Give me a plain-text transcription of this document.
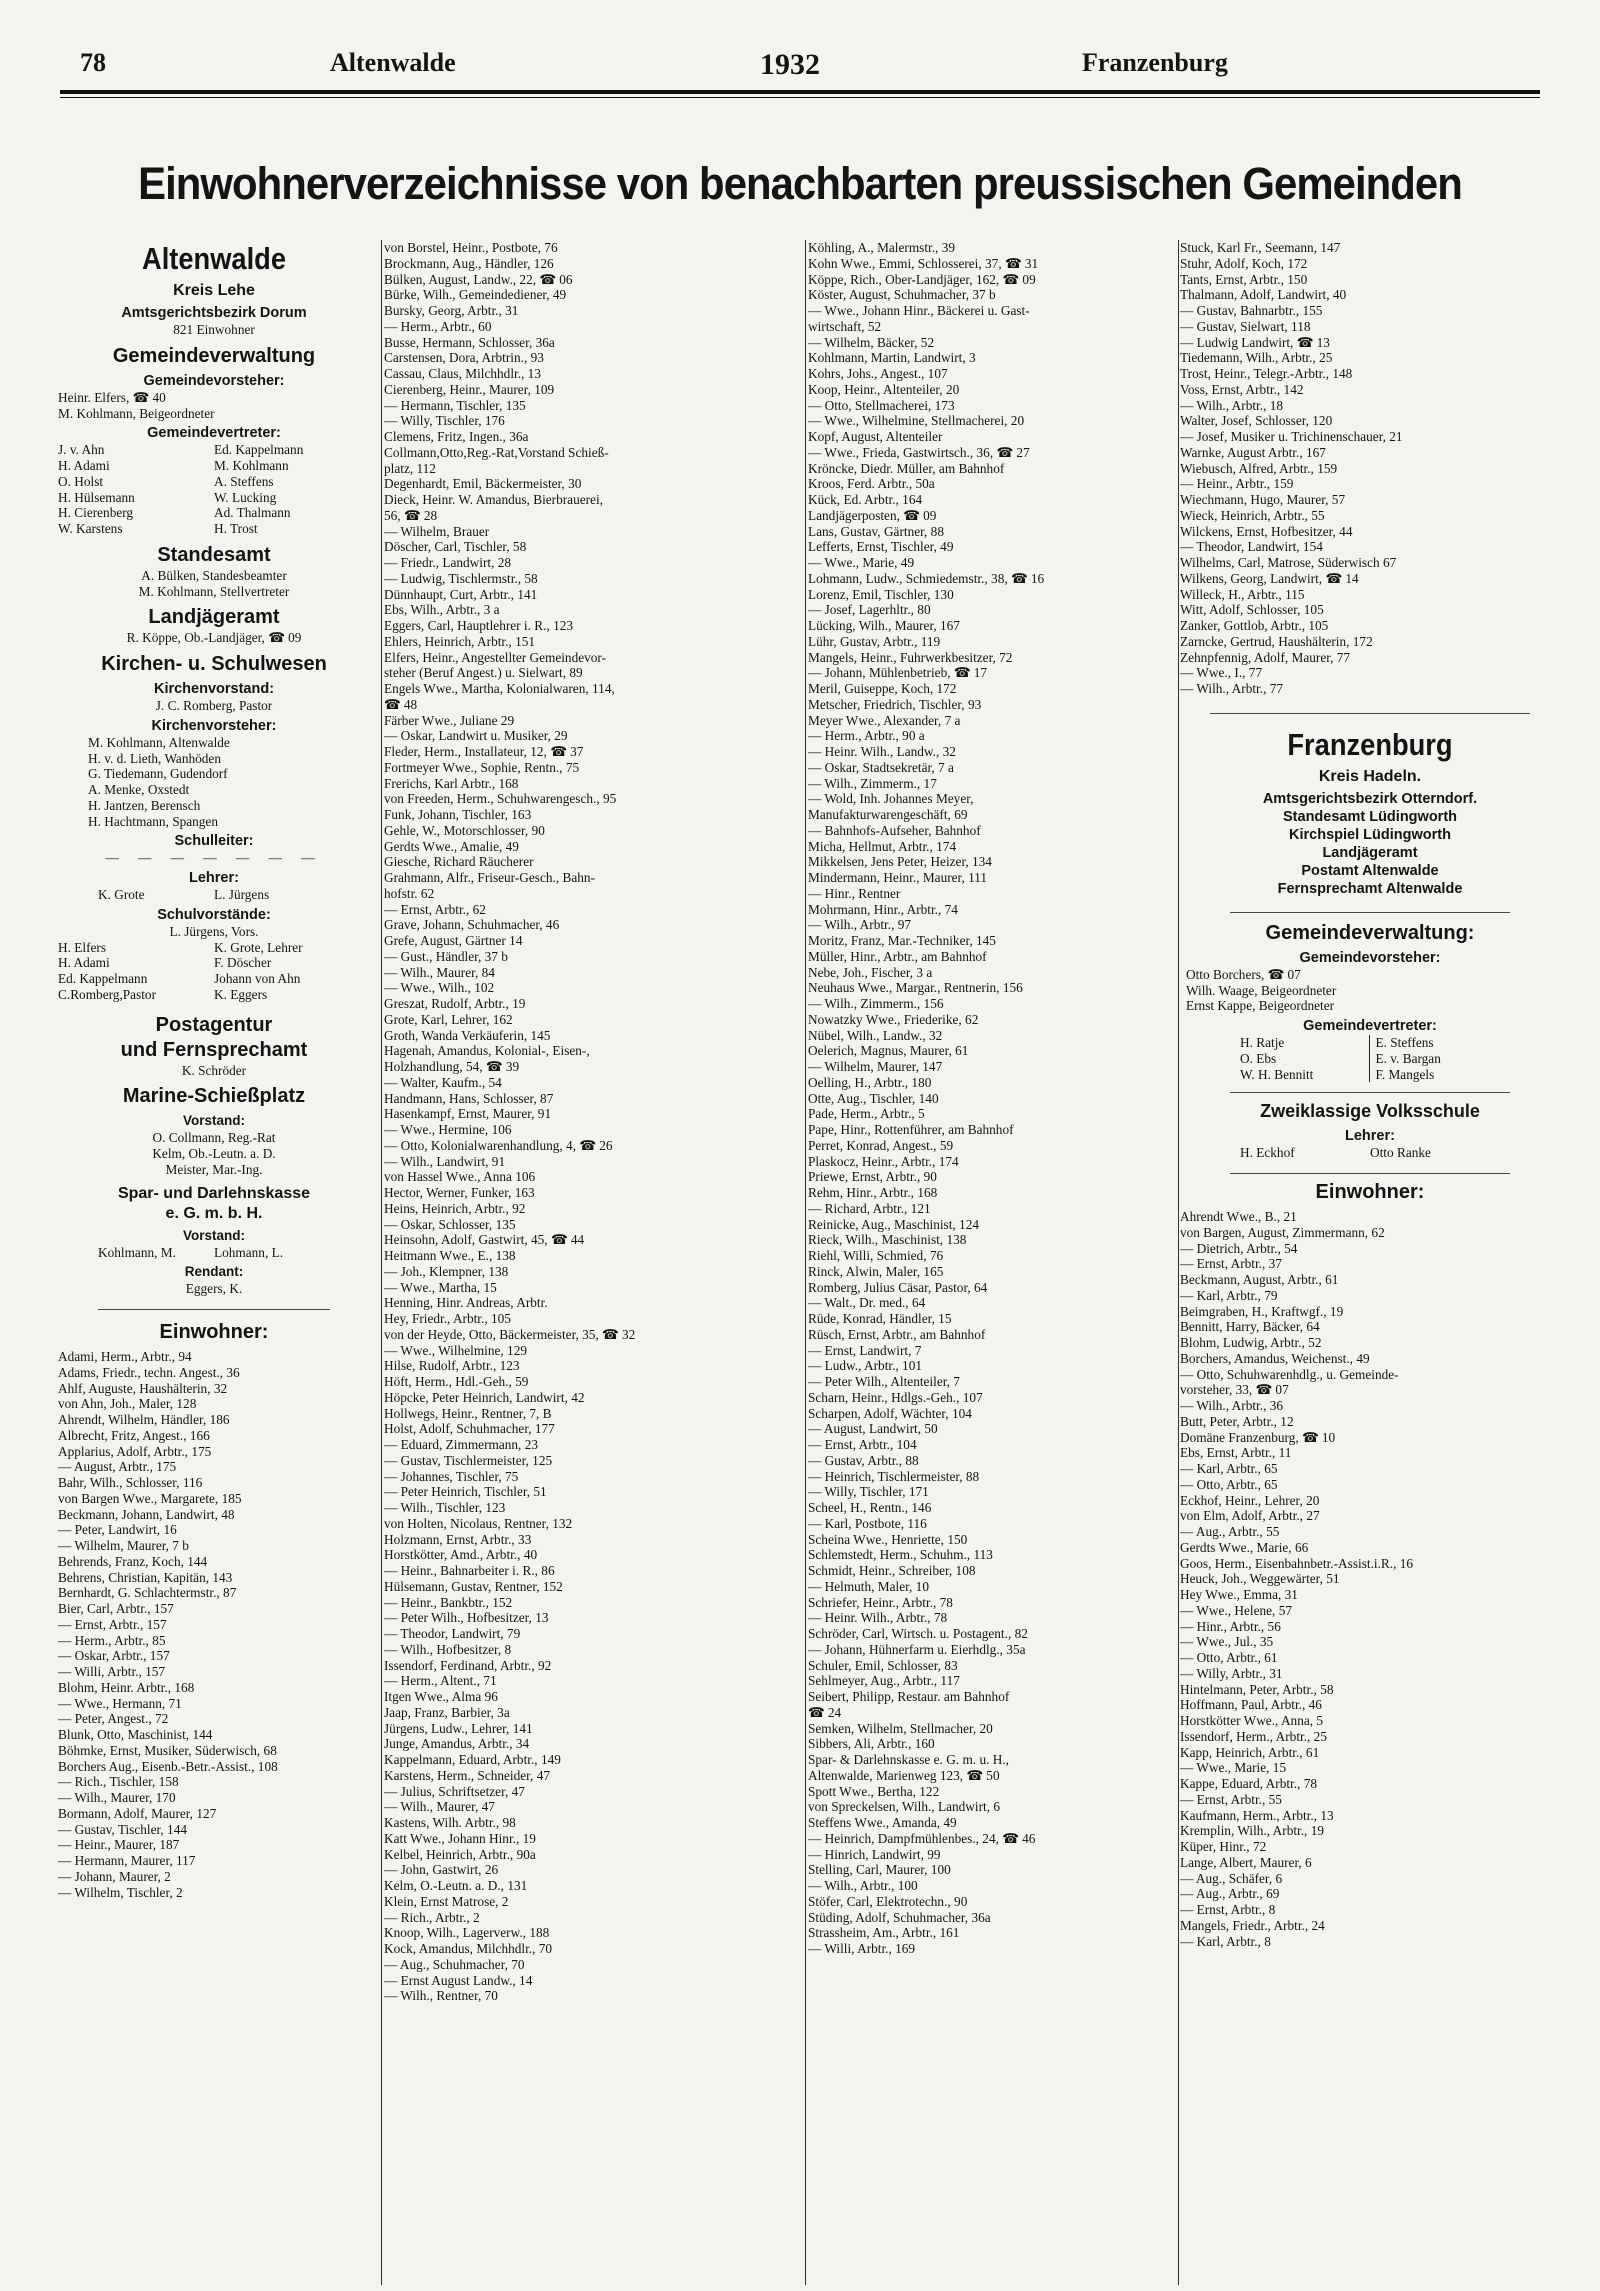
78	Altenwalde	1932	Franzenburg
Einwohnerverzeichnisse von benachbarten preussischen Gemeinden
Altenwalde
Kreis Lehe
Amtsgerichtsbezirk Dorum
821 Einwohner
Gemeindeverwaltung
Gemeindevorsteher:
Heinr. Elfers, ☎ 40
M. Kohlmann, Beigeordneter
Gemeindevertreter:
J. v. Ahn	Ed. Kappelmann
H. Adami	M. Kohlmann
O. Holst	A. Steffens
H. Hülsemann	W. Lucking
H. Cierenberg	Ad. Thalmann
W. Karstens	H. Trost
Standesamt
A. Bülken, Standesbeamter
M. Kohlmann, Stellvertreter
Landjägeramt
R. Köppe, Ob.-Landjäger, ☎ 09
Kirchen- u. Schulwesen
Kirchenvorstand:
J. C. Romberg, Pastor
Kirchenvorsteher:
M. Kohlmann, Altenwalde
H. v. d. Lieth, Wanhöden
G. Tiedemann, Gudendorf
A. Menke, Oxstedt
H. Jantzen, Berensch
H. Hachtmann, Spangen
Schulleiter:
— — — — — — —
Lehrer:
K. Grote	L. Jürgens
Schulvorstände:
L. Jürgens, Vors.
H. Elfers	K. Grote, Lehrer
H. Adami	F. Döscher
Ed. Kappelmann	Johann von Ahn
C.Romberg,Pastor	K. Eggers
Postagentur
und Fernsprechamt
K. Schröder
Marine-Schießplatz
Vorstand:
O. Collmann, Reg.-Rat
Kelm, Ob.-Leutn. a. D.
Meister, Mar.-Ing.
Spar- und Darlehnskasse
e. G. m. b. H.
Vorstand:
Kohlmann, M.	Lohmann, L.
Rendant:
Eggers, K.
Einwohner:
Adami, Herm., Arbtr., 94
Adams, Friedr., techn. Angest., 36
Ahlf, Auguste, Haushälterin, 32
von Ahn, Joh., Maler, 128
Ahrendt, Wilhelm, Händler, 186
Albrecht, Fritz, Angest., 166
Applarius, Adolf, Arbtr., 175
— August, Arbtr., 175
Bahr, Wilh., Schlosser, 116
von Bargen Wwe., Margarete, 185
Beckmann, Johann, Landwirt, 48
— Peter, Landwirt, 16
— Wilhelm, Maurer, 7 b
Behrends, Franz, Koch, 144
Behrens, Christian, Kapitän, 143
Bernhardt, G. Schlachtermstr., 87
Bier, Carl, Arbtr., 157
— Ernst, Arbtr., 157
— Herm., Arbtr., 85
— Oskar, Arbtr., 157
— Willi, Arbtr., 157
Blohm, Heinr. Arbtr., 168
— Wwe., Hermann, 71
— Peter, Angest., 72
Blunk, Otto, Maschinist, 144
Böhmke, Ernst, Musiker, Süderwisch, 68
Borchers Aug., Eisenb.-Betr.-Assist., 108
— Rich., Tischler, 158
— Wilh., Maurer, 170
Bormann, Adolf, Maurer, 127
— Gustav, Tischler, 144
— Heinr., Maurer, 187
— Hermann, Maurer, 117
— Johann, Maurer, 2
— Wilhelm, Tischler, 2
von Borstel, Heinr., Postbote, 76
Brockmann, Aug., Händler, 126
Bülken, August, Landw., 22, ☎ 06
Bürke, Wilh., Gemeindediener, 49
Bursky, Georg, Arbtr., 31
— Herm., Arbtr., 60
Busse, Hermann, Schlosser, 36a
Carstensen, Dora, Arbtrin., 93
Cassau, Claus, Milchhdlr., 13
Cierenberg, Heinr., Maurer, 109
— Hermann, Tischler, 135
— Willy, Tischler, 176
Clemens, Fritz, Ingen., 36a
Collmann,Otto,Reg.-Rat,Vorstand Schieß-
platz, 112
Degenhardt, Emil, Bäckermeister, 30
Dieck, Heinr. W. Amandus, Bierbrauerei,
56, ☎ 28
— Wilhelm, Brauer
Döscher, Carl, Tischler, 58
— Friedr., Landwirt, 28
— Ludwig, Tischlermstr., 58
Dünnhaupt, Curt, Arbtr., 141
Ebs, Wilh., Arbtr., 3 a
Eggers, Carl, Hauptlehrer i. R., 123
Ehlers, Heinrich, Arbtr., 151
Elfers, Heinr., Angestellter Gemeindevor-
steher (Beruf Angest.) u. Sielwart, 89
Engels Wwe., Martha, Kolonialwaren, 114,
☎ 48
Färber Wwe., Juliane 29
— Oskar, Landwirt u. Musiker, 29
Fleder, Herm., Installateur, 12, ☎ 37
Fortmeyer Wwe., Sophie, Rentn., 75
Frerichs, Karl Arbtr., 168
von Freeden, Herm., Schuhwarengesch., 95
Funk, Johann, Tischler, 163
Gehle, W., Motorschlosser, 90
Gerdts Wwe., Amalie, 49
Giesche, Richard Räucherer
Grahmann, Alfr., Friseur-Gesch., Bahn-
hofstr. 62
— Ernst, Arbtr., 62
Grave, Johann, Schuhmacher, 46
Grefe, August, Gärtner 14
— Gust., Händler, 37 b
— Wilh., Maurer, 84
— Wwe., Wilh., 102
Greszat, Rudolf, Arbtr., 19
Grote, Karl, Lehrer, 162
Groth, Wanda Verkäuferin, 145
Hagenah, Amandus, Kolonial-, Eisen-,
Holzhandlung, 54, ☎ 39
— Walter, Kaufm., 54
Handmann, Hans, Schlosser, 87
Hasenkampf, Ernst, Maurer, 91
— Wwe., Hermine, 106
— Otto, Kolonialwarenhandlung, 4, ☎ 26
— Wilh., Landwirt, 91
von Hassel Wwe., Anna 106
Hector, Werner, Funker, 163
Heins, Heinrich, Arbtr., 92
— Oskar, Schlosser, 135
Heinsohn, Adolf, Gastwirt, 45, ☎ 44
Heitmann Wwe., E., 138
— Joh., Klempner, 138
— Wwe., Martha, 15
Henning, Hinr. Andreas, Arbtr.
Hey, Friedr., Arbtr., 105
von der Heyde, Otto, Bäckermeister, 35, ☎ 32
— Wwe., Wilhelmine, 129
Hilse, Rudolf, Arbtr., 123
Höft, Herm., Hdl.-Geh., 59
Höpcke, Peter Heinrich, Landwirt, 42
Hollwegs, Heinr., Rentner, 7, B
Holst, Adolf, Schuhmacher, 177
— Eduard, Zimmermann, 23
— Gustav, Tischlermeister, 125
— Johannes, Tischler, 75
— Peter Heinrich, Tischler, 51
— Wilh., Tischler, 123
von Holten, Nicolaus, Rentner, 132
Holzmann, Ernst, Arbtr., 33
Horstkötter, Amd., Arbtr., 40
— Heinr., Bahnarbeiter i. R., 86
Hülsemann, Gustav, Rentner, 152
— Heinr., Bankbtr., 152
— Peter Wilh., Hofbesitzer, 13
— Theodor, Landwirt, 79
— Wilh., Hofbesitzer, 8
Issendorf, Ferdinand, Arbtr., 92
— Herm., Altent., 71
Itgen Wwe., Alma 96
Jaap, Franz, Barbier, 3a
Jürgens, Ludw., Lehrer, 141
Junge, Amandus, Arbtr., 34
Kappelmann, Eduard, Arbtr., 149
Karstens, Herm., Schneider, 47
— Julius, Schriftsetzer, 47
— Wilh., Maurer, 47
Kastens, Wilh. Arbtr., 98
Katt Wwe., Johann Hinr., 19
Kelbel, Heinrich, Arbtr., 90a
— John, Gastwirt, 26
Kelm, O.-Leutn. a. D., 131
Klein, Ernst Matrose, 2
— Rich., Arbtr., 2
Knoop, Wilh., Lagerverw., 188
Kock, Amandus, Milchhdlr., 70
— Aug., Schuhmacher, 70
— Ernst August Landw., 14
— Wilh., Rentner, 70
Köhling, A., Malermstr., 39
Kohn Wwe., Emmi, Schlosserei, 37, ☎ 31
Köppe, Rich., Ober-Landjäger, 162, ☎ 09
Köster, August, Schuhmacher, 37 b
— Wwe., Johann Hinr., Bäckerei u. Gast-
wirtschaft, 52
— Wilhelm, Bäcker, 52
Kohlmann, Martin, Landwirt, 3
Kohrs, Johs., Angest., 107
Koop, Heinr., Altenteiler, 20
— Otto, Stellmacherei, 173
— Wwe., Wilhelmine, Stellmacherei, 20
Kopf, August, Altenteiler
— Wwe., Frieda, Gastwirtsch., 36, ☎ 27
Kröncke, Diedr. Müller, am Bahnhof
Kroos, Ferd. Arbtr., 50a
Kück, Ed. Arbtr., 164
Landjägerposten, ☎ 09
Lans, Gustav, Gärtner, 88
Lefferts, Ernst, Tischler, 49
— Wwe., Marie, 49
Lohmann, Ludw., Schmiedemstr., 38, ☎ 16
Lorenz, Emil, Tischler, 130
— Josef, Lagerhltr., 80
Lücking, Wilh., Maurer, 167
Lühr, Gustav, Arbtr., 119
Mangels, Heinr., Fuhrwerkbesitzer, 72
— Johann, Mühlenbetrieb, ☎ 17
Meril, Guiseppe, Koch, 172
Metscher, Friedrich, Tischler, 93
Meyer Wwe., Alexander, 7 a
— Herm., Arbtr., 90 a
— Heinr. Wilh., Landw., 32
— Oskar, Stadtsekretär, 7 a
— Wilh., Zimmerm., 17
— Wold, Inh. Johannes Meyer,
Manufakturwarengeschäft, 69
— Bahnhofs-Aufseher, Bahnhof
Micha, Hellmut, Arbtr., 174
Mikkelsen, Jens Peter, Heizer, 134
Mindermann, Heinr., Maurer, 111
— Hinr., Rentner
Mohrmann, Hinr., Arbtr., 74
— Wilh., Arbtr., 97
Moritz, Franz, Mar.-Techniker, 145
Müller, Hinr., Arbtr., am Bahnhof
Nebe, Joh., Fischer, 3 a
Neuhaus Wwe., Margar., Rentnerin, 156
— Wilh., Zimmerm., 156
Nowatzky Wwe., Friederike, 62
Nübel, Wilh., Landw., 32
Oelerich, Magnus, Maurer, 61
— Wilhelm, Maurer, 147
Oelling, H., Arbtr., 180
Otte, Aug., Tischler, 140
Pade, Herm., Arbtr., 5
Pape, Hinr., Rottenführer, am Bahnhof
Perret, Konrad, Angest., 59
Plaskocz, Heinr., Arbtr., 174
Priewe, Ernst, Arbtr., 90
Rehm, Hinr., Arbtr., 168
— Richard, Arbtr., 121
Reinicke, Aug., Maschinist, 124
Rieck, Wilh., Maschinist, 138
Riehl, Willi, Schmied, 76
Rinck, Alwin, Maler, 165
Romberg, Julius Cäsar, Pastor, 64
— Walt., Dr. med., 64
Rüde, Konrad, Händler, 15
Rüsch, Ernst, Arbtr., am Bahnhof
— Ernst, Landwirt, 7
— Ludw., Arbtr., 101
— Peter Wilh., Altenteiler, 7
Scharn, Heinr., Hdlgs.-Geh., 107
Scharpen, Adolf, Wächter, 104
— August, Landwirt, 50
— Ernst, Arbtr., 104
— Gustav, Arbtr., 88
— Heinrich, Tischlermeister, 88
— Willy, Tischler, 171
Scheel, H., Rentn., 146
— Karl, Postbote, 116
Scheina Wwe., Henriette, 150
Schlemstedt, Herm., Schuhm., 113
Schmidt, Heinr., Schreiber, 108
— Helmuth, Maler, 10
Schriefer, Heinr., Arbtr., 78
— Heinr. Wilh., Arbtr., 78
Schröder, Carl, Wirtsch. u. Postagent., 82
— Johann, Hühnerfarm u. Eierhdlg., 35a
Schuler, Emil, Schlosser, 83
Sehlmeyer, Aug., Arbtr., 117
Seibert, Philipp, Restaur. am Bahnhof
☎ 24
Semken, Wilhelm, Stellmacher, 20
Sibbers, Ali, Arbtr., 160
Spar- & Darlehnskasse e. G. m. u. H.,
Altenwalde, Marienweg 123, ☎ 50
Spott Wwe., Bertha, 122
von Spreckelsen, Wilh., Landwirt, 6
Steffens Wwe., Amanda, 49
— Heinrich, Dampfmühlenbes., 24, ☎ 46
— Hinrich, Landwirt, 99
Stelling, Carl, Maurer, 100
— Wilh., Arbtr., 100
Stöfer, Carl, Elektrotechn., 90
Stüding, Adolf, Schuhmacher, 36a
Strassheim, Am., Arbtr., 161
— Willi, Arbtr., 169
Stuck, Karl Fr., Seemann, 147
Stuhr, Adolf, Koch, 172
Tants, Ernst, Arbtr., 150
Thalmann, Adolf, Landwirt, 40
— Gustav, Bahnarbtr., 155
— Gustav, Sielwart, 118
— Ludwig Landwirt, ☎ 13
Tiedemann, Wilh., Arbtr., 25
Trost, Heinr., Telegr.-Arbtr., 148
Voss, Ernst, Arbtr., 142
— Wilh., Arbtr., 18
Walter, Josef, Schlosser, 120
— Josef, Musiker u. Trichinenschauer, 21
Warnke, August Arbtr., 167
Wiebusch, Alfred, Arbtr., 159
— Heinr., Arbtr., 159
Wiechmann, Hugo, Maurer, 57
Wieck, Heinrich, Arbtr., 55
Wilckens, Ernst, Hofbesitzer, 44
— Theodor, Landwirt, 154
Wilhelms, Carl, Matrose, Süderwisch 67
Wilkens, Georg, Landwirt, ☎ 14
Willeck, H., Arbtr., 115
Witt, Adolf, Schlosser, 105
Zanker, Gottlob, Arbtr., 105
Zarncke, Gertrud, Haushälterin, 172
Zehnpfennig, Adolf, Maurer, 77
— Wwe., I., 77
— Wilh., Arbtr., 77
Franzenburg
Kreis Hadeln.
Amtsgerichtsbezirk Otterndorf.
Standesamt Lüdingworth
Kirchspiel Lüdingworth
Landjägeramt
Postamt Altenwalde
Fernsprechamt Altenwalde
Gemeindeverwaltung:
Gemeindevorsteher:
Otto Borchers, ☎ 07
Wilh. Waage, Beigeordneter
Ernst Kappe, Beigeordneter
Gemeindevertreter:
H. Ratje	E. Steffens
O. Ebs	E. v. Bargan
W. H. Bennitt	F. Mangels
Zweiklassige Volksschule
Lehrer:
H. Eckhof	Otto Ranke
Einwohner:
Ahrendt Wwe., B., 21
von Bargen, August, Zimmermann, 62
— Dietrich, Arbtr., 54
— Ernst, Arbtr., 37
Beckmann, August, Arbtr., 61
— Karl, Arbtr., 79
Beimgraben, H., Kraftwgf., 19
Bennitt, Harry, Bäcker, 64
Blohm, Ludwig, Arbtr., 52
Borchers, Amandus, Weichenst., 49
— Otto, Schuhwarenhdlg., u. Gemeinde-
vorsteher, 33, ☎ 07
— Wilh., Arbtr., 36
Butt, Peter, Arbtr., 12
Domäne Franzenburg, ☎ 10
Ebs, Ernst, Arbtr., 11
— Karl, Arbtr., 65
— Otto, Arbtr., 65
Eckhof, Heinr., Lehrer, 20
von Elm, Adolf, Arbtr., 27
— Aug., Arbtr., 55
Gerdts Wwe., Marie, 66
Goos, Herm., Eisenbahnbetr.-Assist.i.R., 16
Heuck, Joh., Weggewärter, 51
Hey Wwe., Emma, 31
— Wwe., Helene, 57
— Hinr., Arbtr., 56
— Wwe., Jul., 35
— Otto, Arbtr., 61
— Willy, Arbtr., 31
Hintelmann, Peter, Arbtr., 58
Hoffmann, Paul, Arbtr., 46
Horstkötter Wwe., Anna, 5
Issendorf, Herm., Arbtr., 25
Kapp, Heinrich, Arbtr., 61
— Wwe., Marie, 15
Kappe, Eduard, Arbtr., 78
— Ernst, Arbtr., 55
Kaufmann, Herm., Arbtr., 13
Kremplin, Wilh., Arbtr., 19
Küper, Hinr., 72
Lange, Albert, Maurer, 6
— Aug., Schäfer, 6
— Aug., Arbtr., 69
— Ernst, Arbtr., 8
Mangels, Friedr., Arbtr., 24
— Karl, Arbtr., 8
